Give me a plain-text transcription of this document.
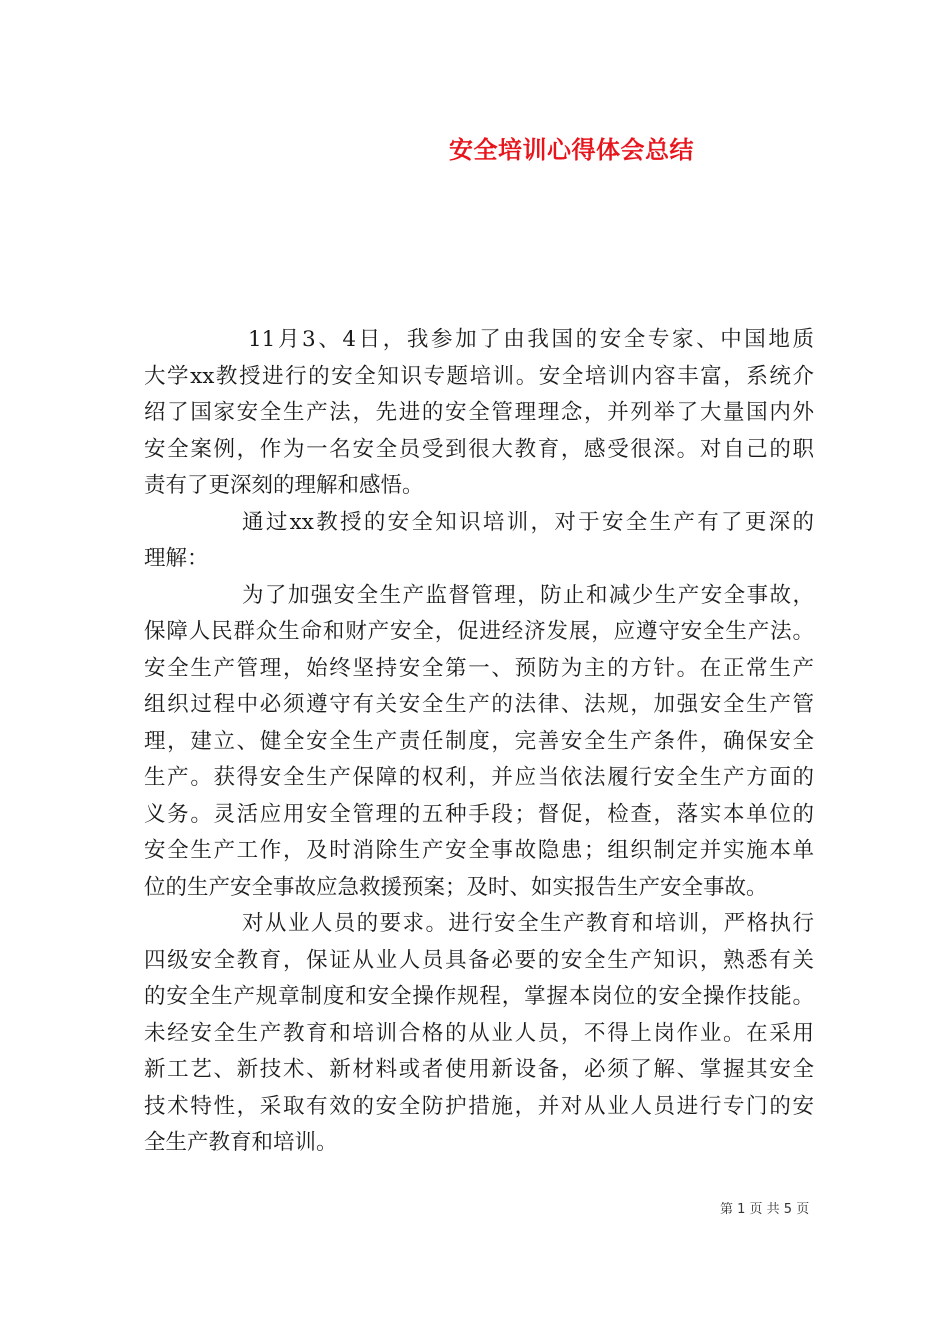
安全培训心得体会总结
11月3、4日，我参加了由我国的安全专家、中国地质
大学xx教授进行的安全知识专题培训。安全培训内容丰富，系统介
绍了国家安全生产法，先进的安全管理理念，并列举了大量国内外
安全案例，作为一名安全员受到很大教育，感受很深。对自己的职
责有了更深刻的理解和感悟。
通过xx教授的安全知识培训，对于安全生产有了更深的
理解：
为了加强安全生产监督管理，防止和减少生产安全事故，
保障人民群众生命和财产安全，促进经济发展，应遵守安全生产法。
安全生产管理，始终坚持安全第一、预防为主的方针。在正常生产
组织过程中必须遵守有关安全生产的法律、法规，加强安全生产管
理，建立、健全安全生产责任制度，完善安全生产条件，确保安全
生产。获得安全生产保障的权利，并应当依法履行安全生产方面的
义务。灵活应用安全管理的五种手段；督促，检查，落实本单位的
安全生产工作，及时消除生产安全事故隐患；组织制定并实施本单
位的生产安全事故应急救援预案；及时、如实报告生产安全事故。
对从业人员的要求。进行安全生产教育和培训，严格执行
四级安全教育，保证从业人员具备必要的安全生产知识，熟悉有关
的安全生产规章制度和安全操作规程，掌握本岗位的安全操作技能。
未经安全生产教育和培训合格的从业人员，不得上岗作业。在采用
新工艺、新技术、新材料或者使用新设备，必须了解、掌握其安全
技术特性，采取有效的安全防护措施，并对从业人员进行专门的安
全生产教育和培训。
第 1 页 共 5 页
